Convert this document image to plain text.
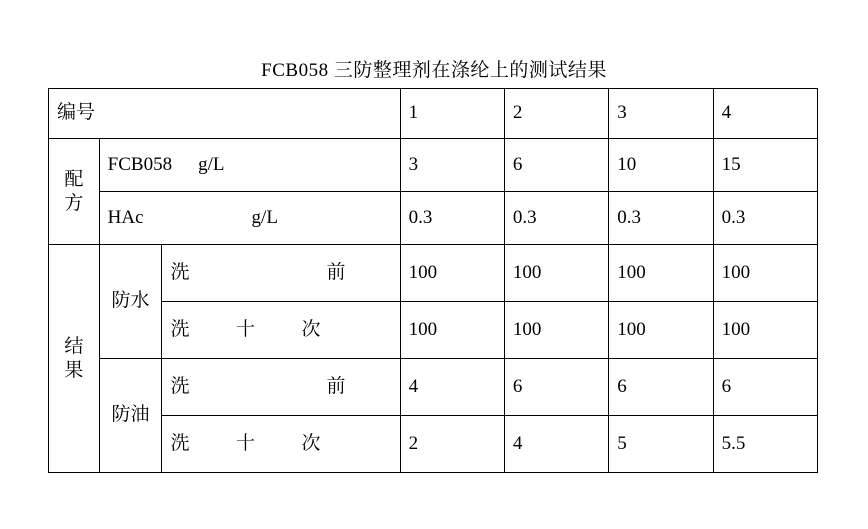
FCB058 三防整理剂在涤纶上的测试结果
编号			1	2	3	4

配
方	FCB058 g/L		3	6	10	15
	HAc g/L		0.3	0.3	0.3	0.3

结
果	防水	洗前	100	100	100	100
		洗十次	100	100	100	100
	防油	洗前	4	6	6	6
		洗十次	2	4	5	5.5
